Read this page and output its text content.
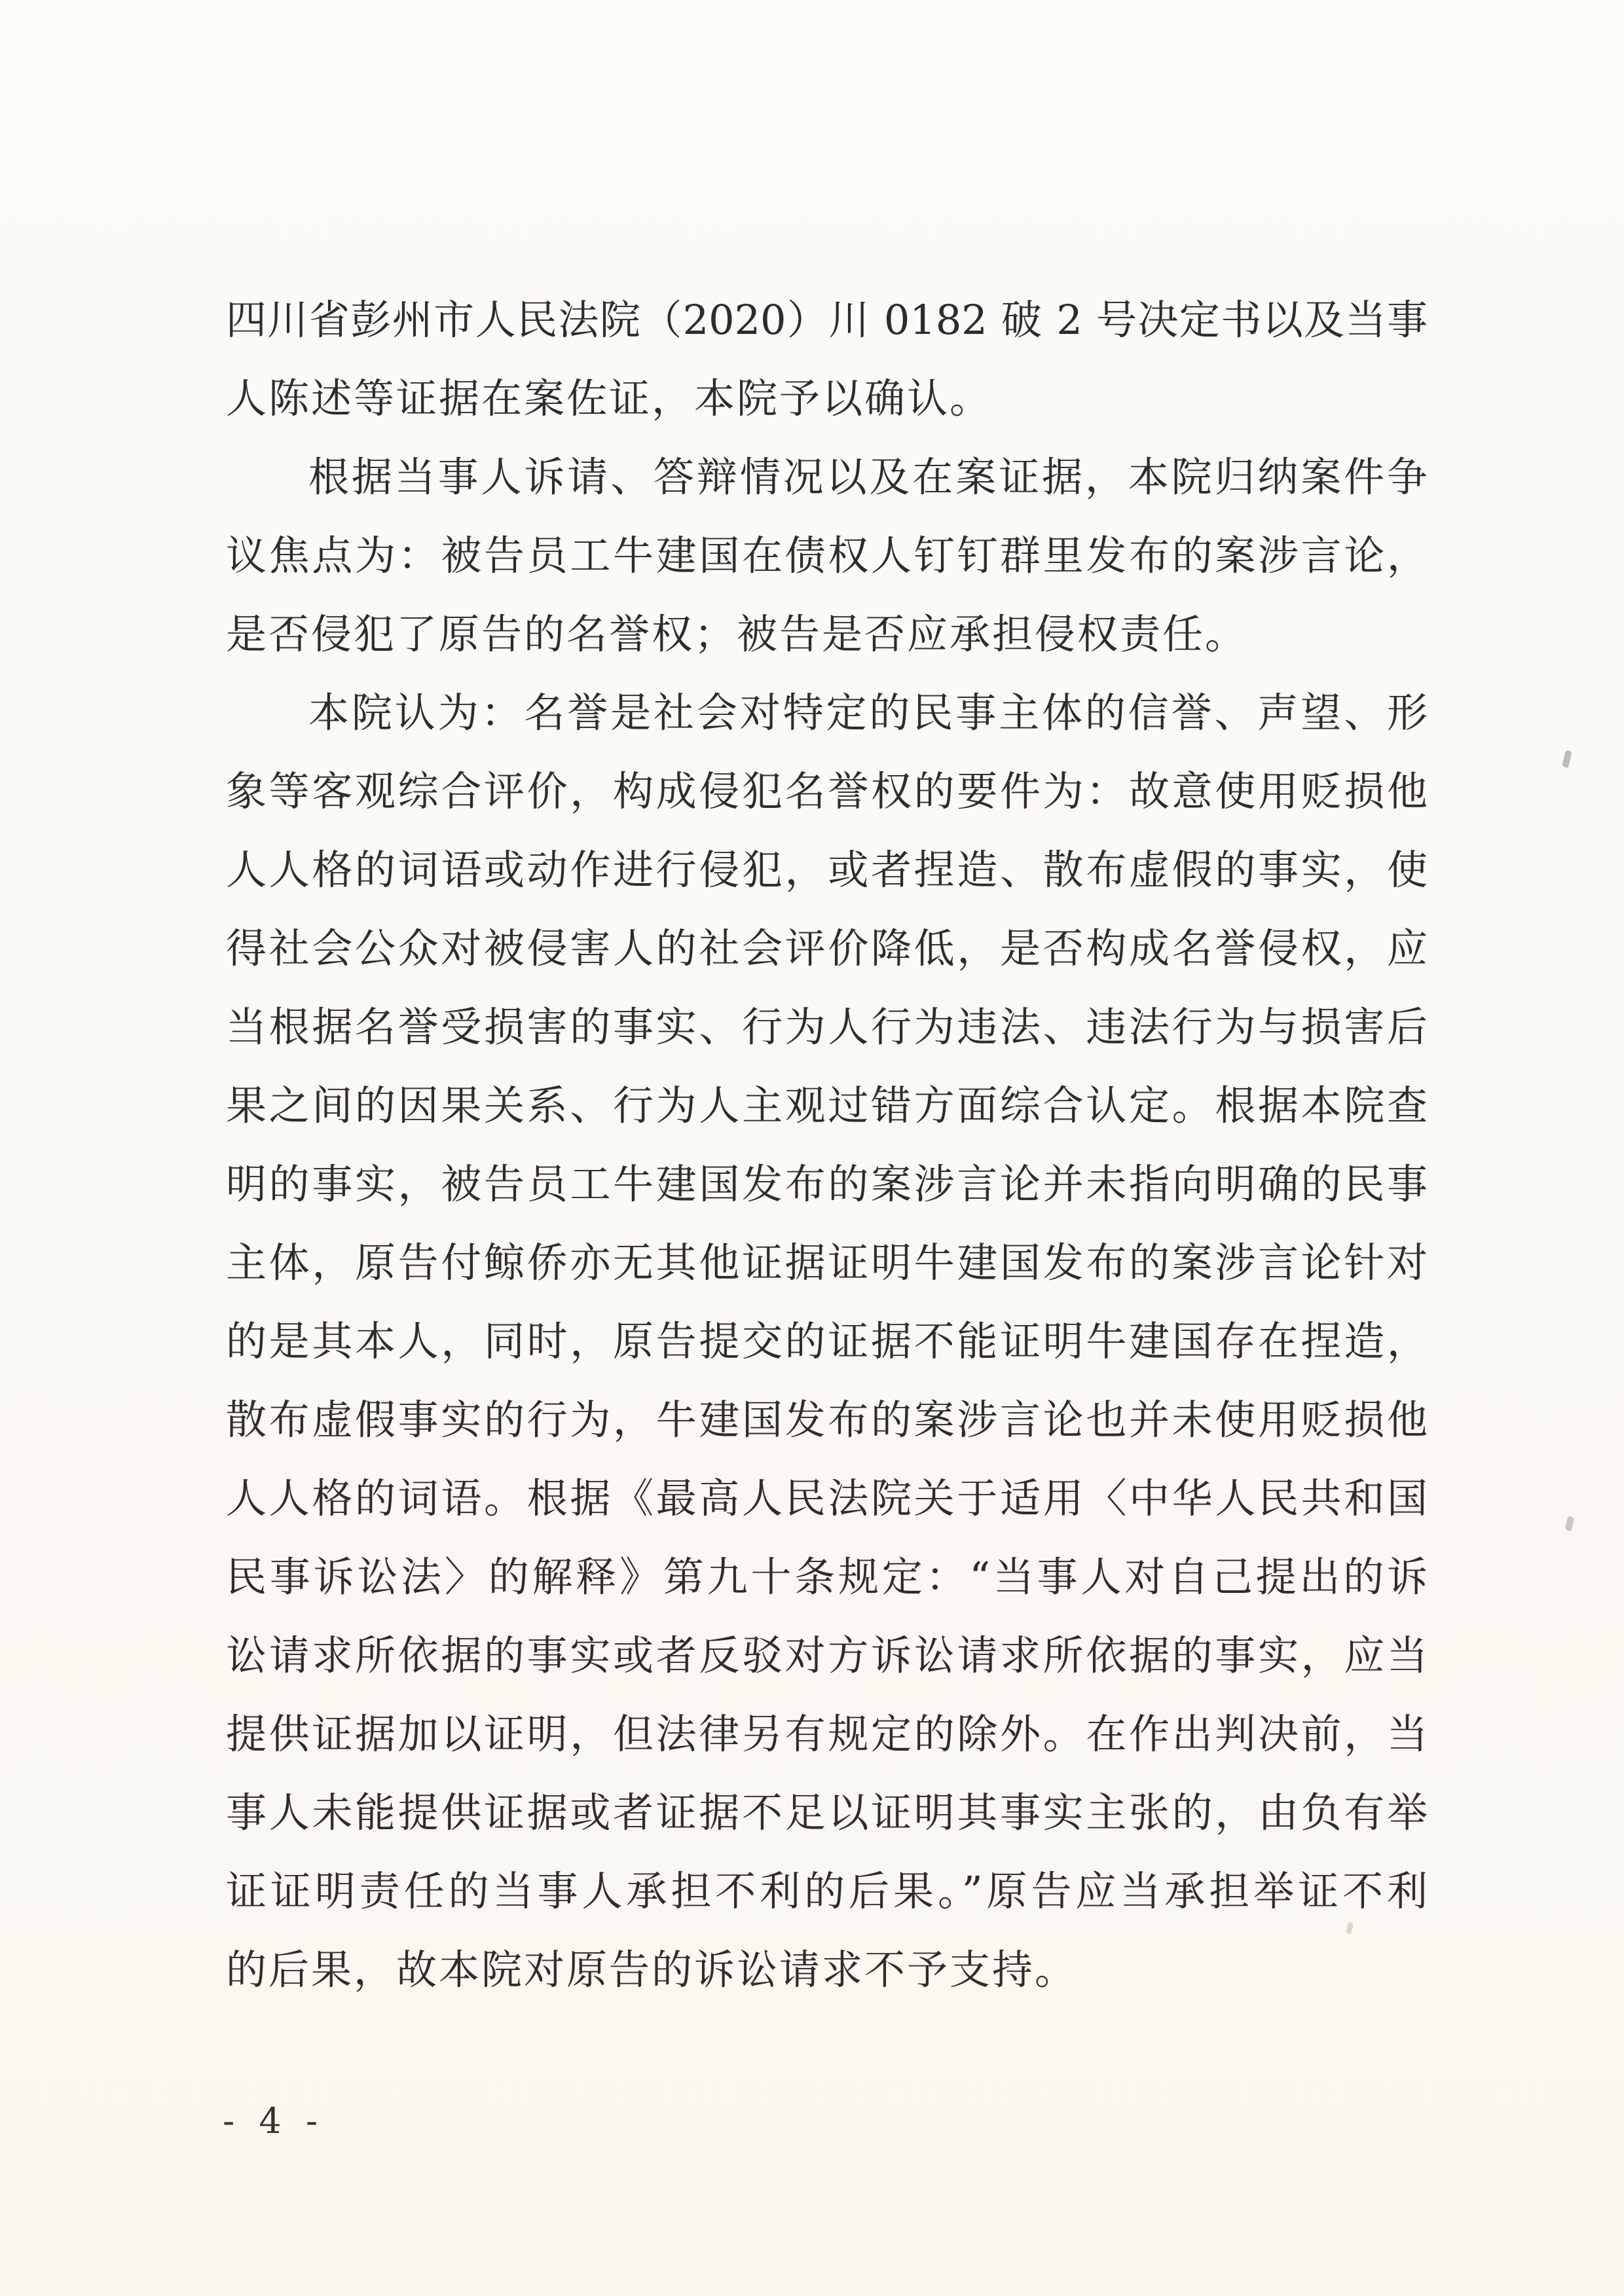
四川省彭州市人民法院（2020）川 0182 破 2 号决定书以及当事
人陈述等证据在案佐证，本院予以确认。
根据当事人诉请、答辩情况以及在案证据，本院归纳案件争
议焦点为：被告员工牛建国在债权人钉钉群里发布的案涉言论，
是否侵犯了原告的名誉权；被告是否应承担侵权责任。
本院认为：名誉是社会对特定的民事主体的信誉、声望、形
象等客观综合评价，构成侵犯名誉权的要件为：故意使用贬损他
人人格的词语或动作进行侵犯，或者捏造、散布虚假的事实，使
得社会公众对被侵害人的社会评价降低，是否构成名誉侵权，应
当根据名誉受损害的事实、行为人行为违法、违法行为与损害后
果之间的因果关系、行为人主观过错方面综合认定。根据本院查
明的事实，被告员工牛建国发布的案涉言论并未指向明确的民事
主体，原告付鲸侨亦无其他证据证明牛建国发布的案涉言论针对
的是其本人，同时，原告提交的证据不能证明牛建国存在捏造，
散布虚假事实的行为，牛建国发布的案涉言论也并未使用贬损他
人人格的词语。根据《最高人民法院关于适用〈中华人民共和国
民事诉讼法〉的解释》第九十条规定：“当事人对自己提出的诉
讼请求所依据的事实或者反驳对方诉讼请求所依据的事实，应当
提供证据加以证明，但法律另有规定的除外。在作出判决前，当
事人未能提供证据或者证据不足以证明其事实主张的，由负有举
证证明责任的当事人承担不利的后果。”原告应当承担举证不利
的后果，故本院对原告的诉讼请求不予支持。
- 4 -
